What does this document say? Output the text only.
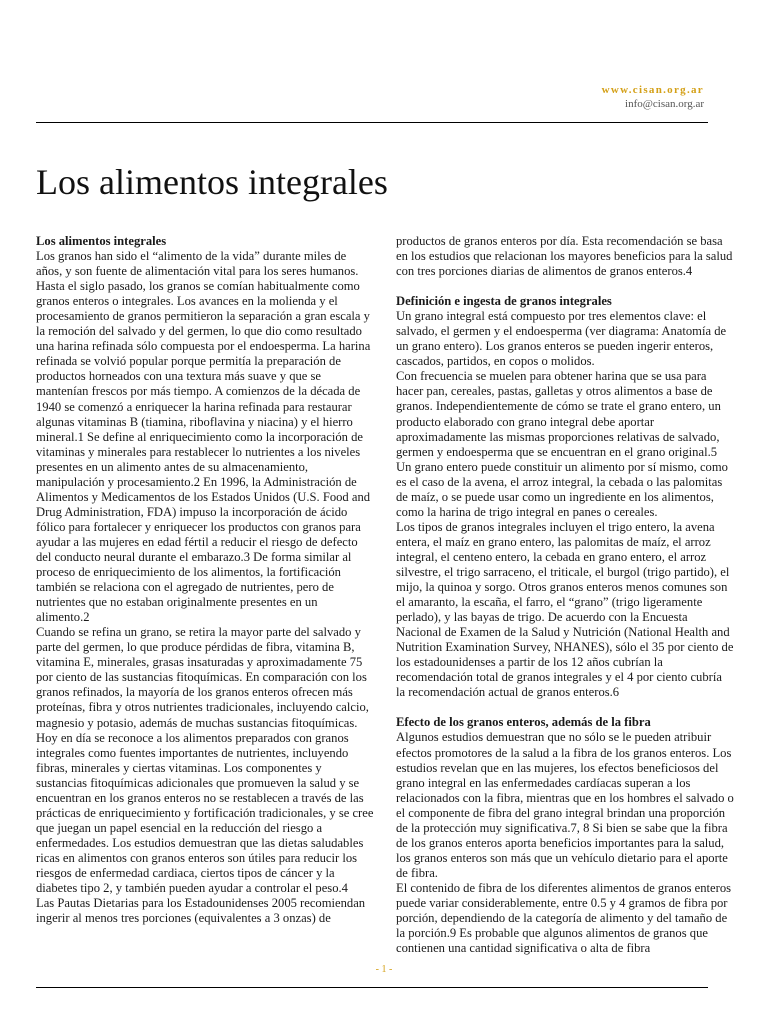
www.cisan.org.ar
info@cisan.org.ar
Los alimentos integrales

Los alimentos integrales

Los granos han sido el “alimento de la vida” durante miles de años, y son fuente de alimentación vital para los seres humanos. Hasta el siglo pasado, los granos se comían habitualmente como granos enteros o integrales. Los avances en la molienda y el procesamiento de granos permitieron la separación a gran escala y la remoción del salvado y del germen, lo que dio como resultado una harina refinada sólo compuesta por el endoesperma. La harina refinada se volvió popular porque permitía la preparación de productos horneados con una textura más suave y que se mantenían frescos por más tiempo. A comienzos de la década de 1940 se comenzó a enriquecer la harina refinada para restaurar algunas vitaminas B (tiamina, riboflavina y niacina) y el hierro mineral.1 Se define al enriquecimiento como la incorporación de vitaminas y minerales para restablecer lo nutrientes a los niveles presentes en un alimento antes de su almacenamiento, manipulación y procesamiento.2 En 1996, la Administración de Alimentos y Medicamentos de los Estados Unidos (U.S. Food and Drug Administration, FDA) impuso la incorporación de ácido fólico para fortalecer y enriquecer los productos con granos para ayudar a las mujeres en edad fértil a reducir el riesgo de defecto del conducto neural durante el embarazo.3 De forma similar al proceso de enriquecimiento de los alimentos, la fortificación también se relaciona con el agregado de nutrientes, pero de nutrientes que no estaban originalmente presentes en un alimento.2

Cuando se refina un grano, se retira la mayor parte del salvado y parte del germen, lo que produce pérdidas de fibra, vitamina B, vitamina E, minerales, grasas insaturadas y aproximadamente 75 por ciento de las sustancias fitoquímicas. En comparación con los granos refinados, la mayoría de los granos enteros ofrecen más proteínas, fibra y otros nutrientes tradicionales, incluyendo calcio, magnesio y potasio, además de muchas sustancias fitoquímicas.

Hoy en día se reconoce a los alimentos preparados con granos integrales como fuentes importantes de nutrientes, incluyendo fibras, minerales y ciertas vitaminas. Los componentes y sustancias fitoquímicas adicionales que promueven la salud y se encuentran en los granos enteros no se restablecen a través de las prácticas de enriquecimiento y fortificación tradicionales, y se cree que juegan un papel esencial en la reducción del riesgo a enfermedades. Los estudios demuestran que las dietas saludables ricas en alimentos con granos enteros son útiles para reducir los riesgos de enfermedad cardiaca, ciertos tipos de cáncer y la diabetes tipo 2, y también pueden ayudar a controlar el peso.4

Las Pautas Dietarias para los Estadounidenses 2005 recomiendan ingerir al menos tres porciones (equivalentes a 3 onzas) de

productos de granos enteros por día. Esta recomendación se basa en los estudios que relacionan los mayores beneficios para la salud con tres porciones diarias de alimentos de granos enteros.4

Definición e ingesta de granos integrales

Un grano integral está compuesto por tres elementos clave: el salvado, el germen y el endoesperma (ver diagrama: Anatomía de un grano entero). Los granos enteros se pueden ingerir enteros, cascados, partidos, en copos o molidos.

Con frecuencia se muelen para obtener harina que se usa para hacer pan, cereales, pastas, galletas y otros alimentos a base de granos. Independientemente de cómo se trate el grano entero, un producto elaborado con grano integral debe aportar aproximadamente las mismas proporciones relativas de salvado, germen y endoesperma que se encuentran en el grano original.5

Un grano entero puede constituir un alimento por sí mismo, como es el caso de la avena, el arroz integral, la cebada o las palomitas de maíz, o se puede usar como un ingrediente en los alimentos, como la harina de trigo integral en panes o cereales.

Los tipos de granos integrales incluyen el trigo entero, la avena entera, el maíz en grano entero, las palomitas de maíz, el arroz integral, el centeno entero, la cebada en grano entero, el arroz silvestre, el trigo sarraceno, el triticale, el burgol (trigo partido), el mijo, la quinoa y sorgo. Otros granos enteros menos comunes son el amaranto, la escaña, el farro, el “grano” (trigo ligeramente perlado), y las bayas de trigo. De acuerdo con la Encuesta Nacional de Examen de la Salud y Nutrición (National Health and Nutrition Examination Survey, NHANES), sólo el 35 por ciento de los estadounidenses a partir de los 12 años cubrían la recomendación total de granos integrales y el 4 por ciento cubría la recomendación actual de granos enteros.6

Efecto de los granos enteros, además de la fibra

Algunos estudios demuestran que no sólo se le pueden atribuir efectos promotores de la salud a la fibra de los granos enteros. Los estudios revelan que en las mujeres, los efectos beneficiosos del grano integral en las enfermedades cardíacas superan a los relacionados con la fibra, mientras que en los hombres el salvado o el componente de fibra del grano integral brindan una proporción de la protección muy significativa.7, 8 Si bien se sabe que la fibra de los granos enteros aporta beneficios importantes para la salud, los granos enteros son más que un vehículo dietario para el aporte de fibra.

El contenido de fibra de los diferentes alimentos de granos enteros puede variar considerablemente, entre 0.5 y 4 gramos de fibra por porción, dependiendo de la categoría de alimento y del tamaño de la porción.9 Es probable que algunos alimentos de granos que contienen una cantidad significativa o alta de fibra

- 1 -
